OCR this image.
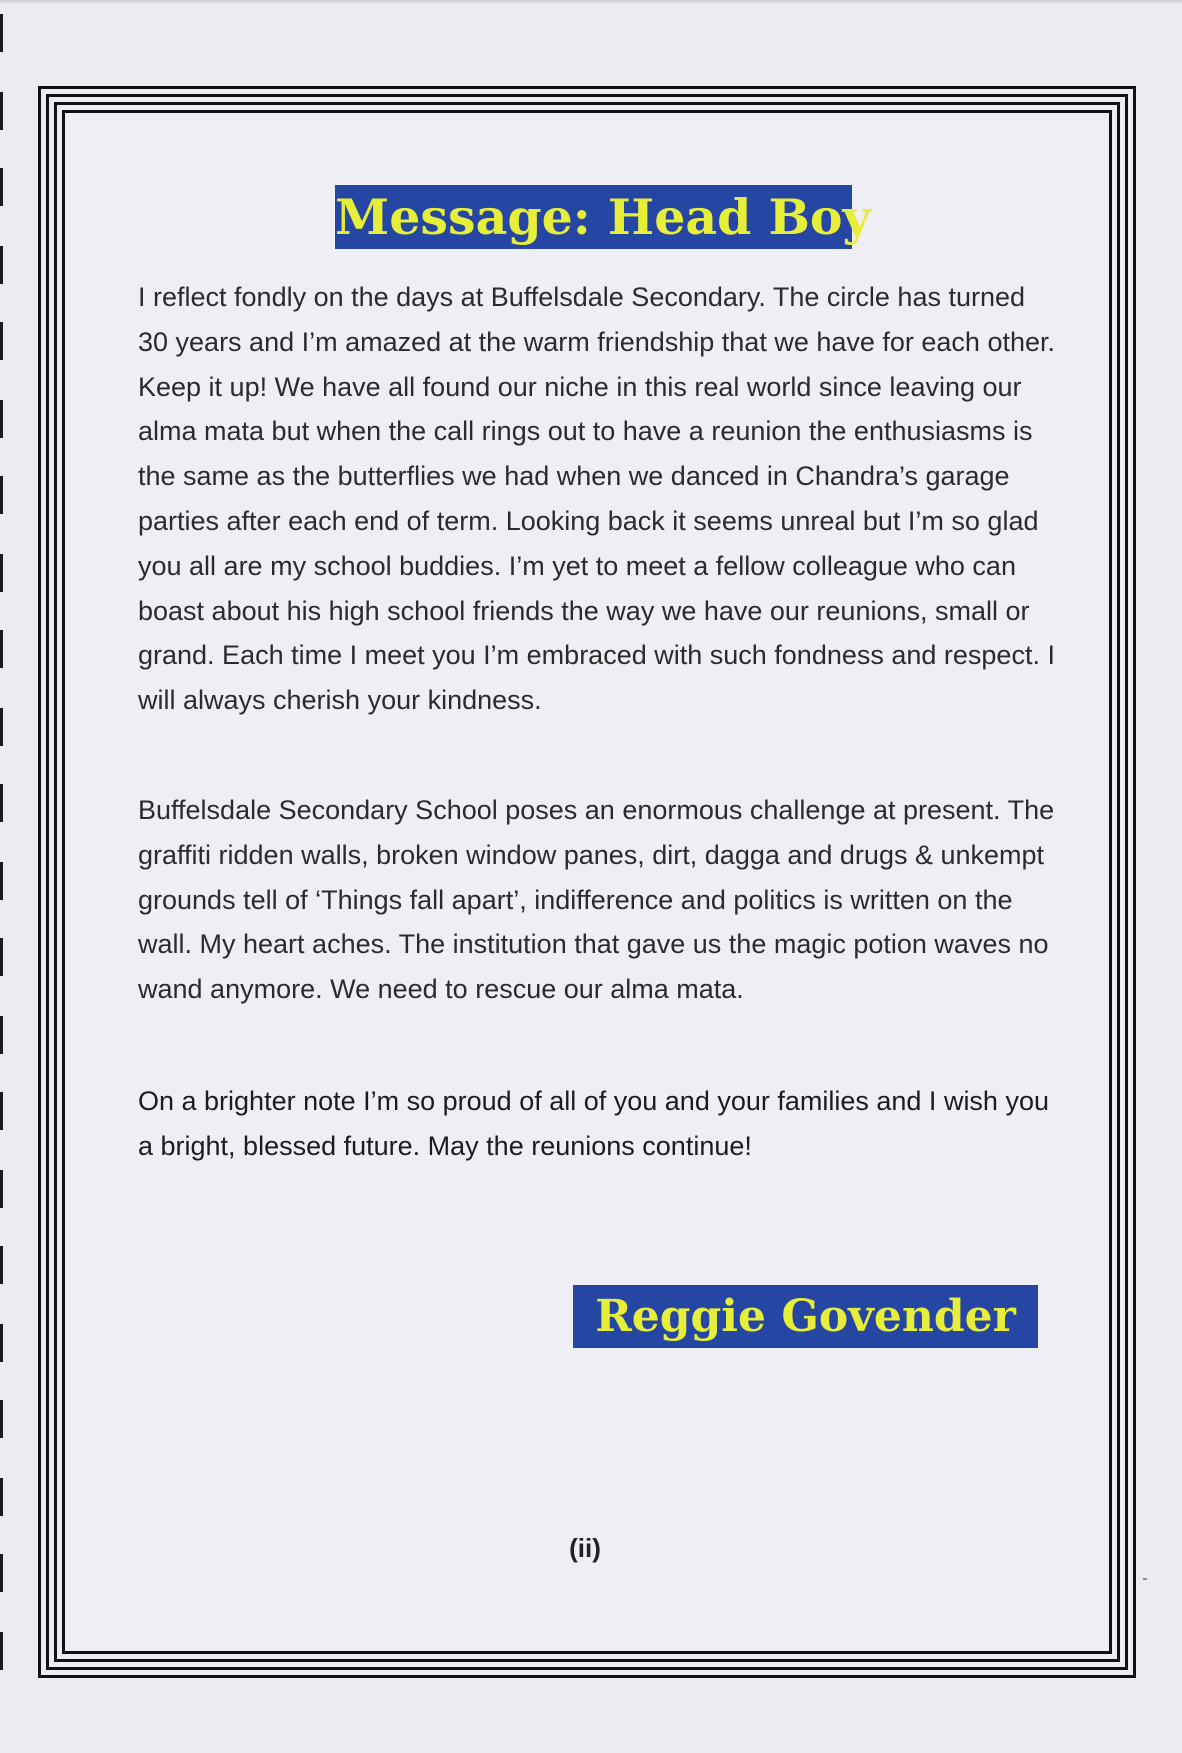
Message: Head Boy

I reflect fondly on the days at Buffelsdale Secondary. The circle has turned 30 years and I’m amazed at the warm friendship that we have for each other. Keep it up! We have all found our niche in this real world since leaving our alma mata but when the call rings out to have a reunion the enthusiasms is the same as the butterflies we had when we danced in Chandra’s garage parties after each end of term. Looking back it seems unreal but I’m so glad you all are my school buddies. I’m yet to meet a fellow colleague who can boast about his high school friends the way we have our reunions, small or grand. Each time I meet you I’m embraced with such fondness and respect. I will always cherish your kindness.

Buffelsdale Secondary School poses an enormous challenge at present. The graffiti ridden walls, broken window panes, dirt, dagga and drugs & unkempt grounds tell of ‘Things fall apart’, indifference and politics is written on the wall. My heart aches. The institution that gave us the magic potion waves no wand anymore. We need to rescue our alma mata.

On a brighter note I’m so proud of all of you and your families and I wish you a bright, blessed future. May the reunions continue!

Reggie Govender
(ii)
